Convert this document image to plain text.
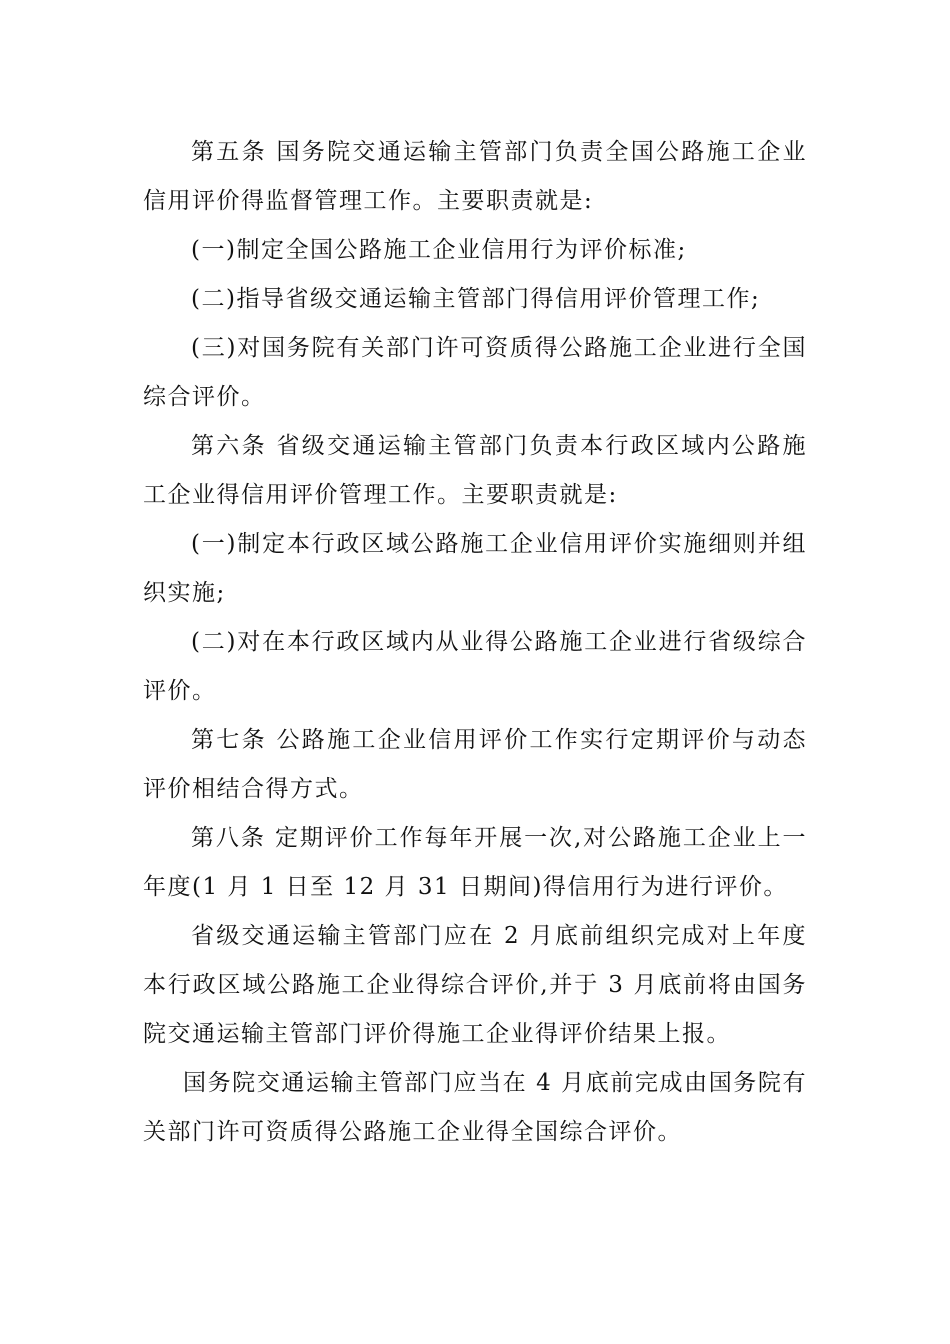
第五条 国务院交通运输主管部门负责全国公路施工企业信用评价得监督管理工作。主要职责就是:

(一)制定全国公路施工企业信用行为评价标准;

(二)指导省级交通运输主管部门得信用评价管理工作;

(三)对国务院有关部门许可资质得公路施工企业进行全国综合评价。

第六条 省级交通运输主管部门负责本行政区域内公路施工企业得信用评价管理工作。主要职责就是:

(一)制定本行政区域公路施工企业信用评价实施细则并组织实施;

(二)对在本行政区域内从业得公路施工企业进行省级综合评价。

第七条 公路施工企业信用评价工作实行定期评价与动态评价相结合得方式。

第八条 定期评价工作每年开展一次,对公路施工企业上一年度(1 月 1 日至 12 月 31 日期间)得信用行为进行评价。

省级交通运输主管部门应在 2 月底前组织完成对上年度本行政区域公路施工企业得综合评价,并于 3 月底前将由国务院交通运输主管部门评价得施工企业得评价结果上报。

国务院交通运输主管部门应当在 4 月底前完成由国务院有关部门许可资质得公路施工企业得全国综合评价。
